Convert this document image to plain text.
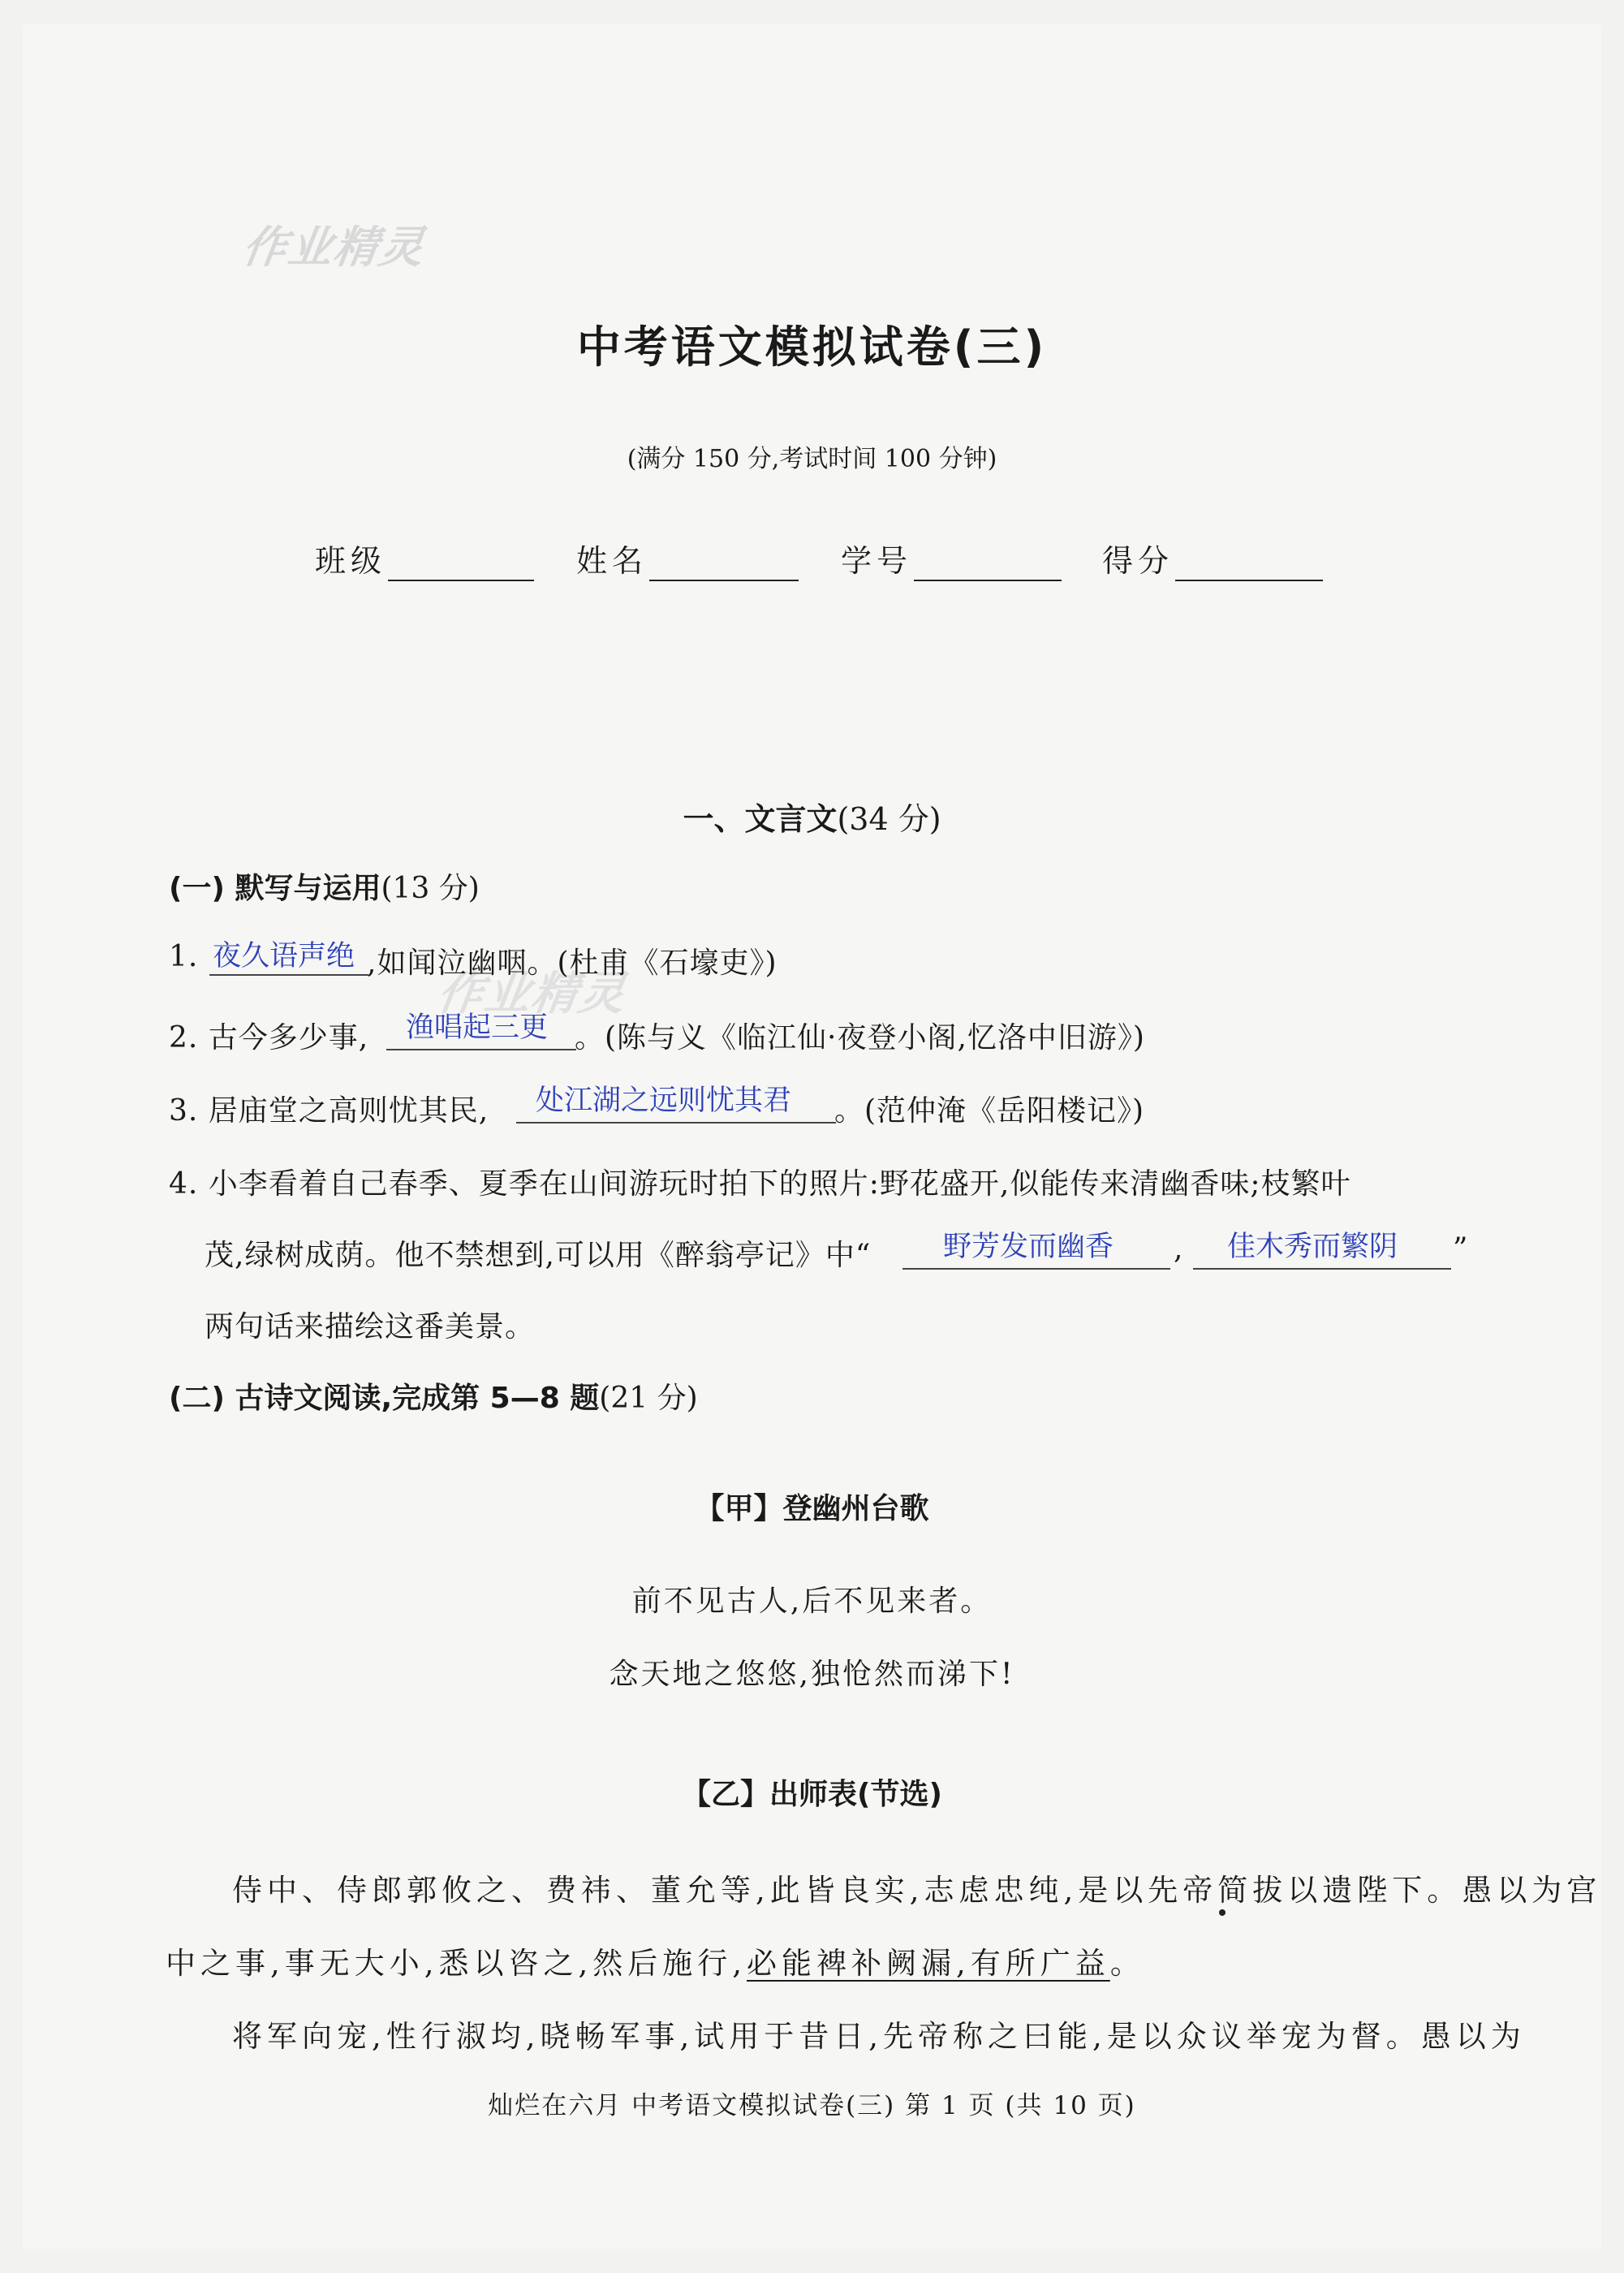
作业精灵
作业精灵
中考语文模拟试卷(三)
(满分 150 分,考试时间 100 分钟)
班级	姓名	学号	得分
一、文言文(34 分)
(一) 默写与运用(13 分)
1. 夜久语声绝 ,如闻泣幽咽。(杜甫《石壕吏》)
2. 古今多少事, 渔唱起三更 。(陈与义《临江仙·夜登小阁,忆洛中旧游》)
3. 居庙堂之高则忧其民, 处江湖之远则忧其君 。(范仲淹《岳阳楼记》)
4. 小李看着自己春季、夏季在山间游玩时拍下的照片:野花盛开,似能传来清幽香味;枝繁叶
茂,绿树成荫。他不禁想到,可以用《醉翁亭记》中“	野芳发而幽香 , 佳木秀而繁阴 ”
两句话来描绘这番美景。
(二) 古诗文阅读,完成第 5—8 题(21 分)
【甲】登幽州台歌
前不见古人,后不见来者。
念天地之悠悠,独怆然而涕下!
【乙】出师表(节选)
侍中、侍郎郭攸之、费祎、董允等,此皆良实,志虑忠纯,是以先帝简拔以遗陛下。愚以为宫
中之事,事无大小,悉以咨之,然后施行,必能裨补阙漏,有所广益。
将军向宠,性行淑均,晓畅军事,试用于昔日,先帝称之曰能,是以众议举宠为督。愚以为
灿烂在六月 中考语文模拟试卷(三) 第 1 页 (共 10 页)
